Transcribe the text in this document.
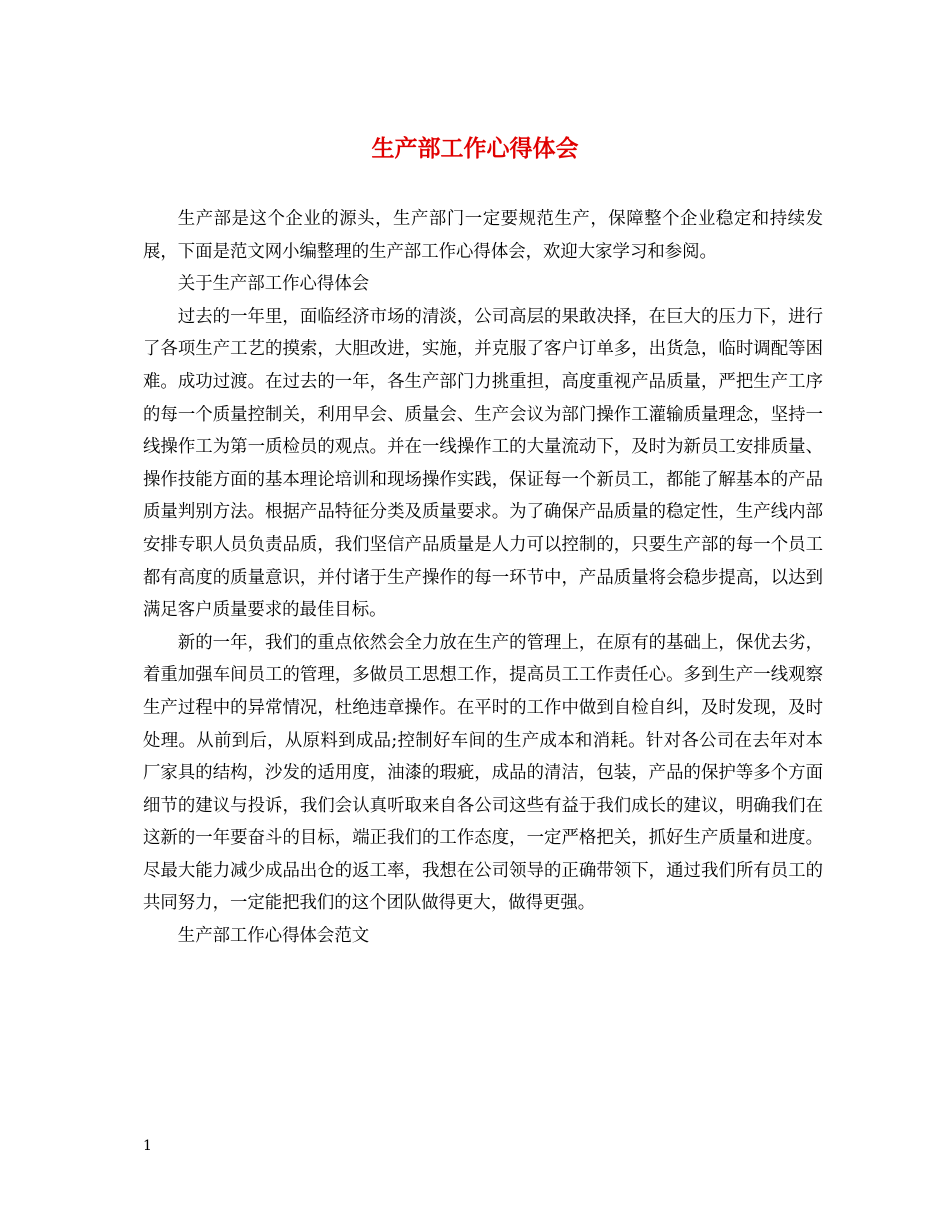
生产部工作心得体会

生产部是这个企业的源头，生产部门一定要规范生产，保障整个企业稳定和持续发展，下面是范文网小编整理的生产部工作心得体会，欢迎大家学习和参阅。

关于生产部工作心得体会

过去的一年里，面临经济市场的清淡，公司高层的果敢决择，在巨大的压力下，进行了各项生产工艺的摸索，大胆改进，实施，并克服了客户订单多，出货急，临时调配等困难。成功过渡。在过去的一年，各生产部门力挑重担，高度重视产品质量，严把生产工序的每一个质量控制关，利用早会、质量会、生产会议为部门操作工灌输质量理念，坚持一线操作工为第一质检员的观点。并在一线操作工的大量流动下，及时为新员工安排质量、操作技能方面的基本理论培训和现场操作实践，保证每一个新员工，都能了解基本的产品质量判别方法。根据产品特征分类及质量要求。为了确保产品质量的稳定性，生产线内部安排专职人员负责品质，我们坚信产品质量是人力可以控制的，只要生产部的每一个员工都有高度的质量意识，并付诸于生产操作的每一环节中，产品质量将会稳步提高，以达到满足客户质量要求的最佳目标。

新的一年，我们的重点依然会全力放在生产的管理上，在原有的基础上，保优去劣，着重加强车间员工的管理，多做员工思想工作，提高员工工作责任心。多到生产一线观察生产过程中的异常情况，杜绝违章操作。在平时的工作中做到自检自纠，及时发现，及时处理。从前到后，从原料到成品;控制好车间的生产成本和消耗。针对各公司在去年对本厂家具的结构，沙发的适用度，油漆的瑕疵，成品的清洁，包装，产品的保护等多个方面细节的建议与投诉，我们会认真听取来自各公司这些有益于我们成长的建议，明确我们在这新的一年要奋斗的目标，端正我们的工作态度，一定严格把关，抓好生产质量和进度。尽最大能力减少成品出仓的返工率，我想在公司领导的正确带领下，通过我们所有员工的共同努力，一定能把我们的这个团队做得更大，做得更强。

生产部工作心得体会范文

1
